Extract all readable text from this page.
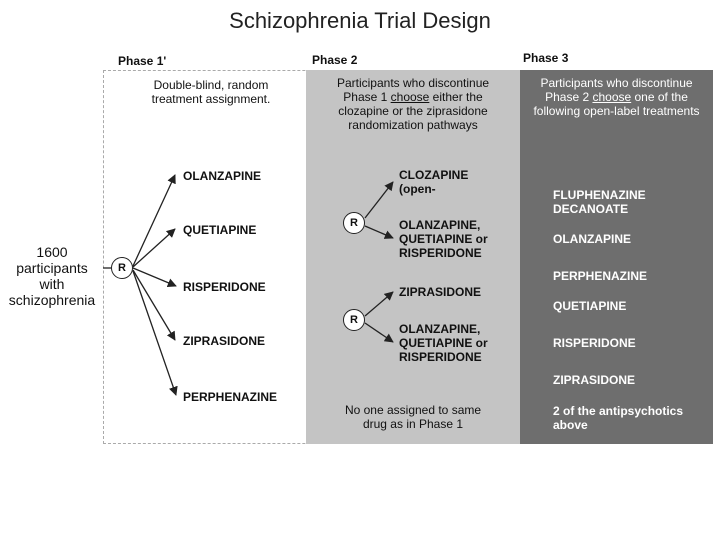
Schizophrenia Trial Design
Phase 1'	Phase 2	Phase 3
1600
participants
with
schizophrenia
Double-blind, random
treatment assignment.
R
OLANZAPINE
QUETIAPINE
RISPERIDONE
ZIPRASIDONE
PERPHENAZINE
Participants who discontinue
Phase 1 choose either the
clozapine or the ziprasidone
randomization pathways
R
R
CLOZAPINE
(open-
OLANZAPINE,
QUETIAPINE or
RISPERIDONE
ZIPRASIDONE
OLANZAPINE,
QUETIAPINE or
RISPERIDONE
No one assigned to same
drug as in Phase 1
Participants who discontinue
Phase 2 choose one of the
following open-label treatments
FLUPHENAZINE
DECANOATE
OLANZAPINE
PERPHENAZINE
QUETIAPINE
RISPERIDONE
ZIPRASIDONE
2 of the antipsychotics
above
